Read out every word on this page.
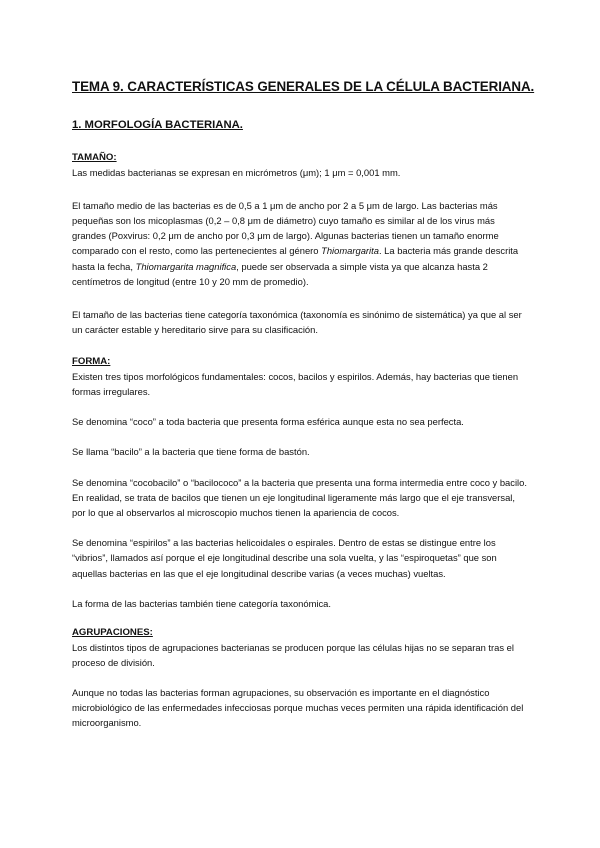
TEMA 9. CARACTERÍSTICAS GENERALES DE LA CÉLULA BACTERIANA.
1. MORFOLOGÍA BACTERIANA.
TAMAÑO:

Las medidas bacterianas se expresan en micrómetros (μm); 1 μm = 0,001 mm.

El tamaño medio de las bacterias es de 0,5 a 1 μm de ancho por 2 a 5 μm de largo. Las bacterias más pequeñas son los micoplasmas (0,2 – 0,8 μm de diámetro) cuyo tamaño es similar al de los virus más grandes (Poxvirus: 0,2 μm de ancho por 0,3 μm de largo). Algunas bacterias tienen un tamaño enorme comparado con el resto, como las pertenecientes al género Thiomargarita. La bacteria más grande descrita hasta la fecha, Thiomargarita magnifica, puede ser observada a simple vista ya que alcanza hasta 2 centímetros de longitud (entre 10 y 20 mm de promedio).

El tamaño de las bacterias tiene categoría taxonómica (taxonomía es sinónimo de sistemática) ya que al ser un carácter estable y hereditario sirve para su clasificación.

FORMA:

Existen tres tipos morfológicos fundamentales: cocos, bacilos y espirilos. Además, hay bacterias que tienen formas irregulares.

Se denomina “coco” a toda bacteria que presenta forma esférica aunque esta no sea perfecta.

Se llama “bacilo” a la bacteria que tiene forma de bastón.

Se denomina “cocobacilo” o “bacilococo” a la bacteria que presenta una forma intermedia entre coco y bacilo. En realidad, se trata de bacilos que tienen un eje longitudinal ligeramente más largo que el eje transversal, por lo que al observarlos al microscopio muchos tienen la apariencia de cocos.

Se denomina “espirilos” a las bacterias helicoidales o espirales. Dentro de estas se distingue entre los “vibrios”, llamados así porque el eje longitudinal describe una sola vuelta, y las “espiroquetas” que son aquellas bacterias en las que el eje longitudinal describe varias (a veces muchas) vueltas.

La forma de las bacterias también tiene categoría taxonómica.

AGRUPACIONES:

Los distintos tipos de agrupaciones bacterianas se producen porque las células hijas no se separan tras el proceso de división.

Aunque no todas las bacterias forman agrupaciones, su observación es importante en el diagnóstico microbiológico de las enfermedades infecciosas porque muchas veces permiten una rápida identificación del microorganismo.
